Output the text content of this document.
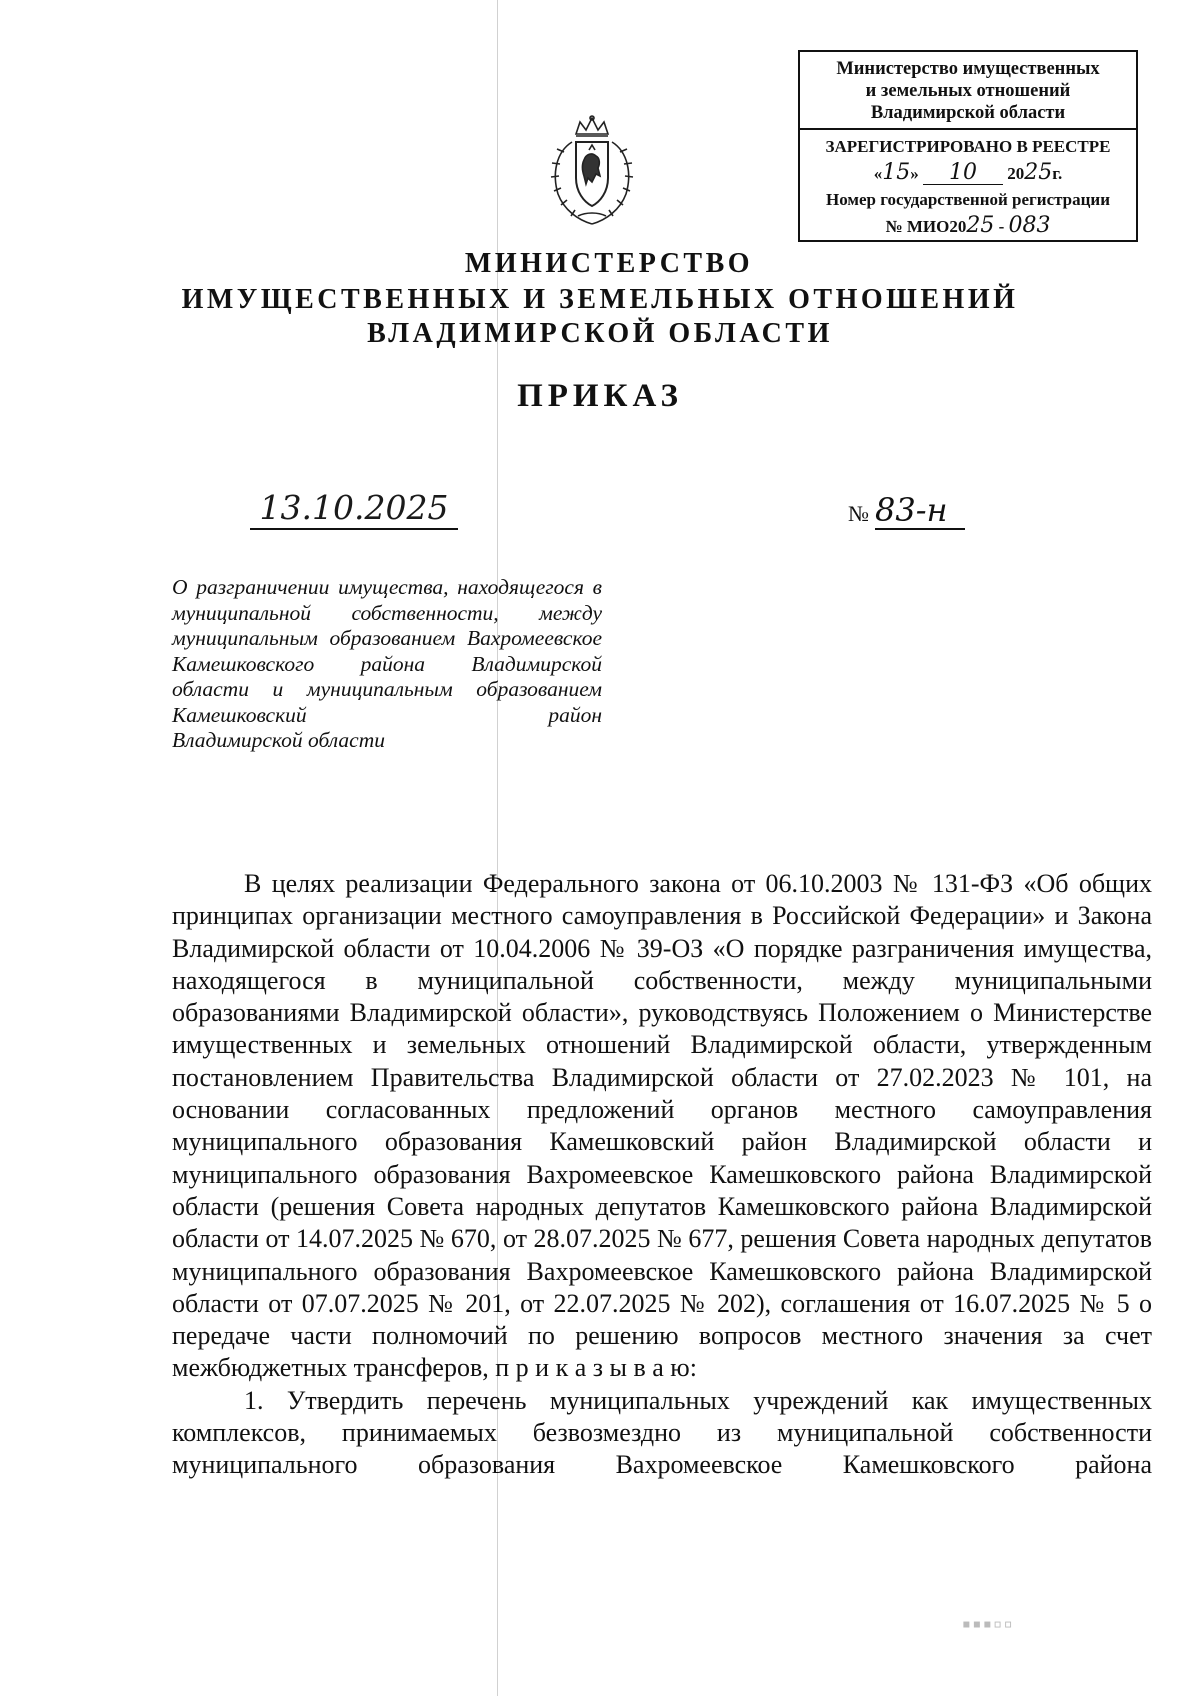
Министерство имущественных
и земельных отношений
Владимирской области
ЗАРЕГИСТРИРОВАНО В РЕЕСТРЕ
«15» 10 2025г.
Номер государственной регистрации
№ МИО2025 - 083
МИНИСТЕРСТВО
ИМУЩЕСТВЕННЫХ И ЗЕМЕЛЬНЫХ ОТНОШЕНИЙ
ВЛАДИМИРСКОЙ ОБЛАСТИ
ПРИКАЗ
13.10.2025	№ 83-н
О разграничении имущества, находящегося в муниципальной собственности, между муниципальным образованием Вахромеевское Камешковского района Владимирской области и муниципальным образованием Камешковский район
Владимирской области

В целях реализации Федерального закона от 06.10.2003 № 131-ФЗ «Об общих принципах организации местного самоуправления в Российской Федерации» и Закона Владимирской области от 10.04.2006 № 39-ОЗ «О порядке разграничения имущества, находящегося в муниципальной собственности, между муниципальными образованиями Владимирской области», руководствуясь Положением о Министерстве имущественных и земельных отношений Владимирской области, утвержденным постановлением Правительства Владимирской области от 27.02.2023 № 101, на основании согласованных предложений органов местного самоуправления муниципального образования Камешковский район Владимирской области и муниципального образования Вахромеевское Камешковского района Владимирской области (решения Совета народных депутатов Камешковского района Владимирской области от 14.07.2025 № 670, от 28.07.2025 № 677, решения Совета народных депутатов муниципального образования Вахромеевское Камешковского района Владимирской области от 07.07.2025 № 201, от 22.07.2025 № 202), соглашения от 16.07.2025 № 5 о передаче части полномочий по решению вопросов местного значения за счет межбюджетных трансферов, п р и к а з ы в а ю:

1. Утвердить перечень муниципальных учреждений как имущественных комплексов, принимаемых безвозмездно из муниципальной собственности муниципального образования Вахромеевское Камешковского района

▪▪▪▫▫
